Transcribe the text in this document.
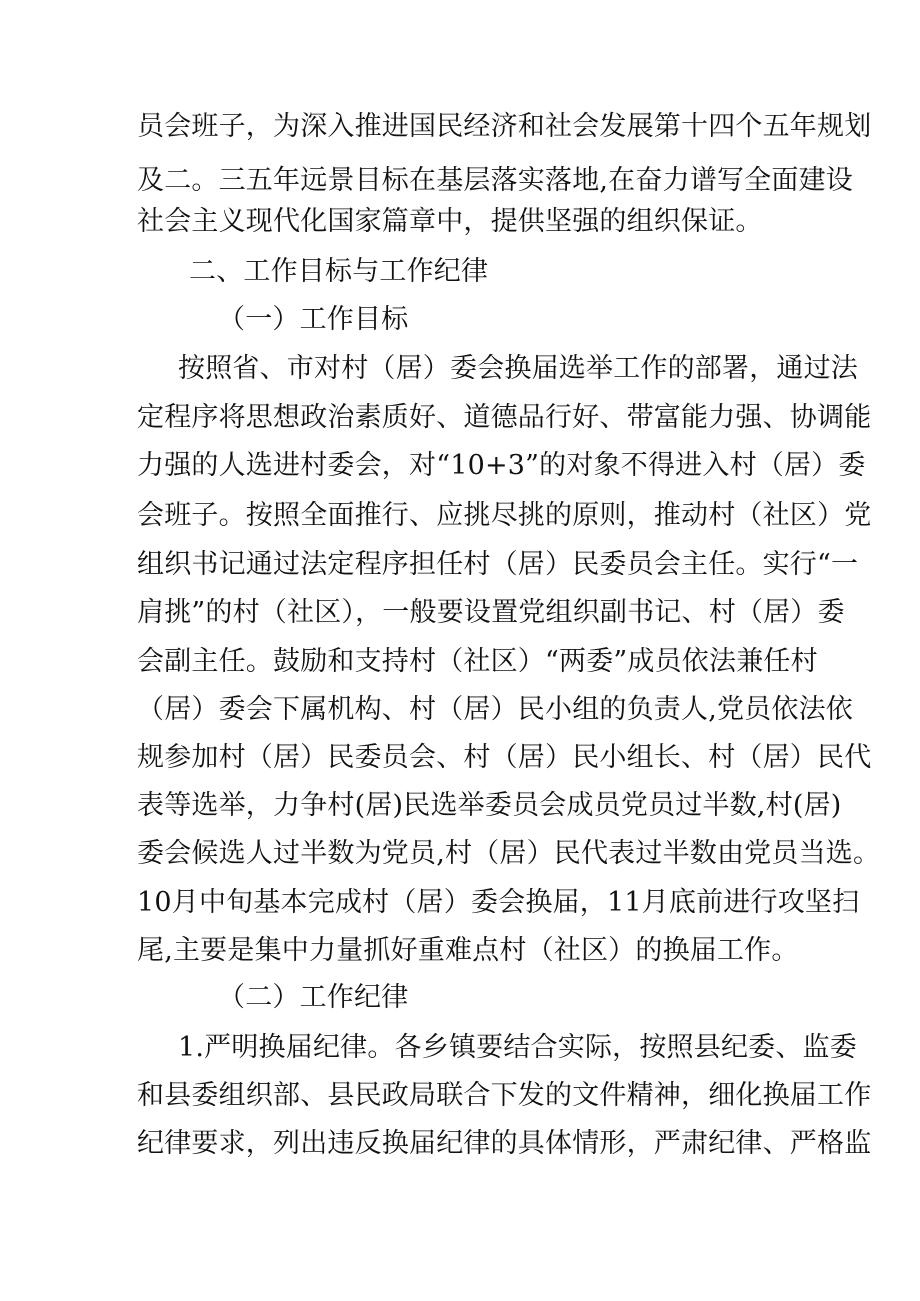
员会班子，为深入推进国民经济和社会发展第十四个五年规划
及二。三五年远景目标在基层落实落地,在奋力谱写全面建设
社会主义现代化国家篇章中，提供坚强的组织保证。
二、工作目标与工作纪律
（一）工作目标
按照省、市对村（居）委会换届选举工作的部署，通过法
定程序将思想政治素质好、道德品行好、带富能力强、协调能
力强的人选进村委会，对“10+3”的对象不得进入村（居）委
会班子。按照全面推行、应挑尽挑的原则，推动村（社区）党
组织书记通过法定程序担任村（居）民委员会主任。实行“一
肩挑”的村（社区），一般要设置党组织副书记、村（居）委
会副主任。鼓励和支持村（社区）“两委”成员依法兼任村
（居）委会下属机构、村（居）民小组的负责人,党员依法依
规参加村（居）民委员会、村（居）民小组长、村（居）民代
表等选举，力争村(居)民选举委员会成员党员过半数,村(居)
委会候选人过半数为党员,村（居）民代表过半数由党员当选。
10月中旬基本完成村（居）委会换届，11月底前进行攻坚扫
尾,主要是集中力量抓好重难点村（社区）的换届工作。
（二）工作纪律
1.严明换届纪律。各乡镇要结合实际，按照县纪委、监委
和县委组织部、县民政局联合下发的文件精神，细化换届工作
纪律要求，列出违反换届纪律的具体情形，严肃纪律、严格监
